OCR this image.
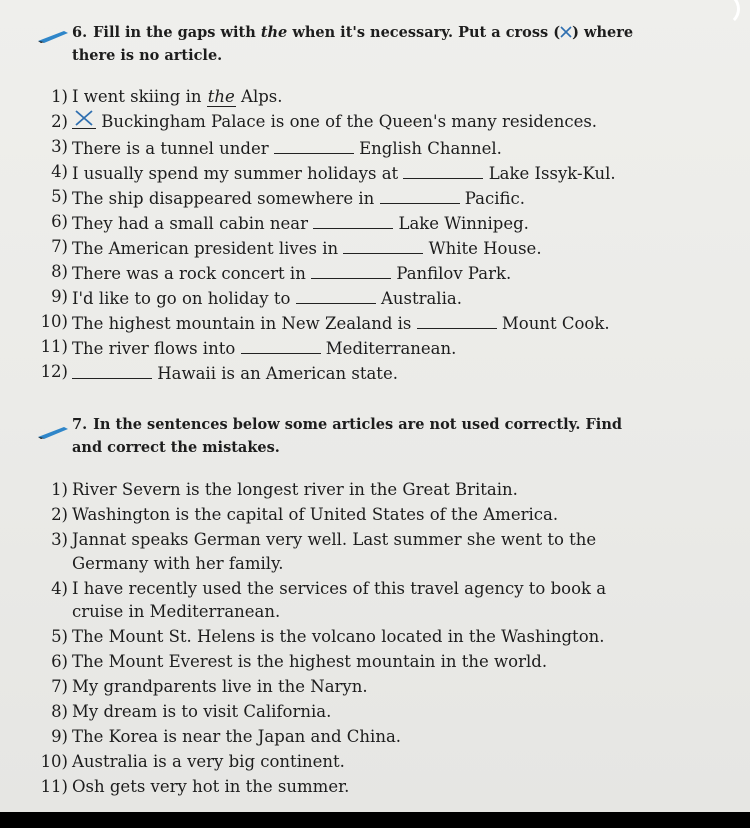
6. Fill in the gaps with the when it's necessary. Put a cross ( ) where
there is no article.
1) I went skiing in the Alps.
2)	Buckingham Palace is one of the Queen's many residences.
3) There is a tunnel under	English Channel.
4) I usually spend my summer holidays at	Lake Issyk-Kul.
5) The ship disappeared somewhere in	Pacific.
6) They had a small cabin near	Lake Winnipeg.
7) The American president lives in	White House.
8) There was a rock concert in	Panfilov Park.
9) I'd like to go on holiday to	Australia.
10) The highest mountain in New Zealand is	Mount Cook.
11) The river flows into	Mediterranean.
12)	Hawaii is an American state.
7. In the sentences below some articles are not used correctly. Find
and correct the mistakes.
1) River Severn is the longest river in the Great Britain.
2) Washington is the capital of United States of the America.
3) Jannat speaks German very well. Last summer she went to the
Germany with her family.
4) I have recently used the services of this travel agency to book a
cruise in Mediterranean.
5) The Mount St. Helens is the volcano located in the Washington.
6) The Mount Everest is the highest mountain in the world.
7) My grandparents live in the Naryn.
8) My dream is to visit California.
9) The Korea is near the Japan and China.
10) Australia is a very big continent.
11) Osh gets very hot in the summer.
